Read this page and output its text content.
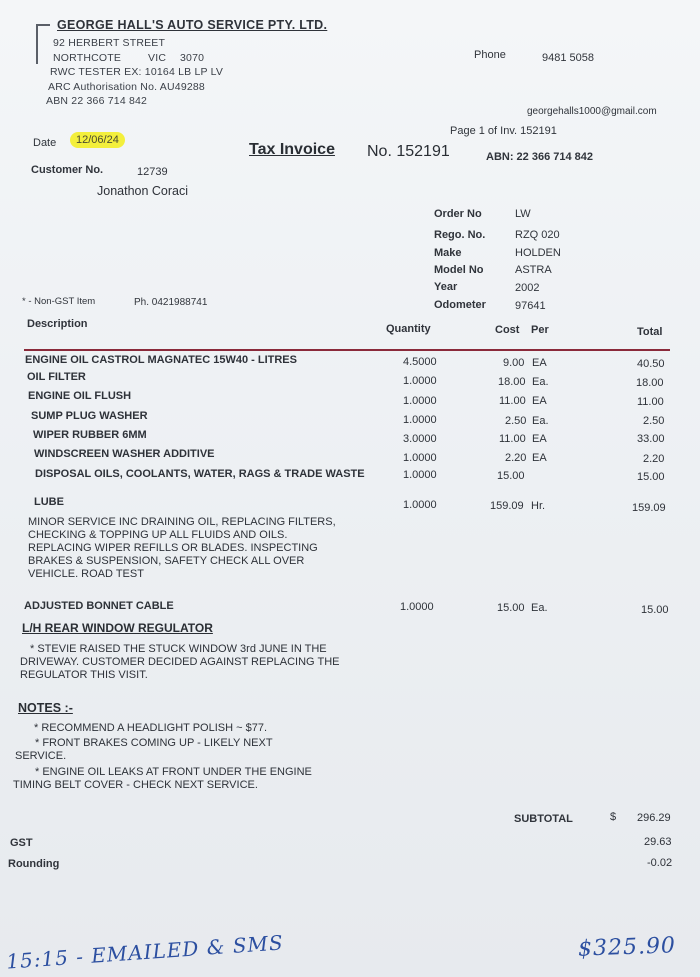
GEORGE HALL'S AUTO SERVICE PTY. LTD.
92 HERBERT STREET
NORTHCOTE	VIC 3070
RWC TESTER EX: 10164 LB LP LV
ARC Authorisation No. AU49288
ABN 22 366 714 842
Phone	9481 5058
georgehalls1000@gmail.com
Page 1 of Inv. 152191
Date	12/06/24
Tax Invoice No. 152191	ABN: 22 366 714 842
Customer No.	12739
Jonathon Coraci
Order No	LW
Rego. No.	RZQ 020
Make	HOLDEN
Model No	ASTRA
Year	2002
Odometer	97641
* - Non-GST Item	Ph. 0421988741
Description	Quantity	Cost Per	Total
ENGINE OIL CASTROL MAGNATEC 15W40 - LITRES	4.5000	9.00 EA	40.50
OIL FILTER	1.0000	18.00 Ea.	18.00
ENGINE OIL FLUSH	1.0000	11.00 EA	11.00
SUMP PLUG WASHER	1.0000	2.50 Ea.	2.50
WIPER RUBBER 6MM	3.0000	11.00 EA	33.00
WINDSCREEN WASHER ADDITIVE	1.0000	2.20 EA	2.20
DISPOSAL OILS, COOLANTS, WATER, RAGS & TRADE WASTE	1.0000	15.00	15.00
LUBE	1.0000	159.09 Hr.	159.09
MINOR SERVICE INC DRAINING OIL, REPLACING FILTERS, CHECKING & TOPPING UP ALL FLUIDS AND OILS. REPLACING WIPER REFILLS OR BLADES. INSPECTING BRAKES & SUSPENSION, SAFETY CHECK ALL OVER VEHICLE. ROAD TEST
ADJUSTED BONNET CABLE	1.0000	15.00 Ea.	15.00
L/H REAR WINDOW REGULATOR
* STEVIE RAISED THE STUCK WINDOW 3rd JUNE IN THE DRIVEWAY. CUSTOMER DECIDED AGAINST REPLACING THE REGULATOR THIS VISIT.
NOTES :-
* RECOMMEND A HEADLIGHT POLISH ~ $77.
* FRONT BRAKES COMING UP - LIKELY NEXT SERVICE.
* ENGINE OIL LEAKS AT FRONT UNDER THE ENGINE TIMING BELT COVER - CHECK NEXT SERVICE.
SUBTOTAL	$ 296.29
GST	29.63
Rounding	-0.02
15:15 - EMAILED & SMS	$325.90
